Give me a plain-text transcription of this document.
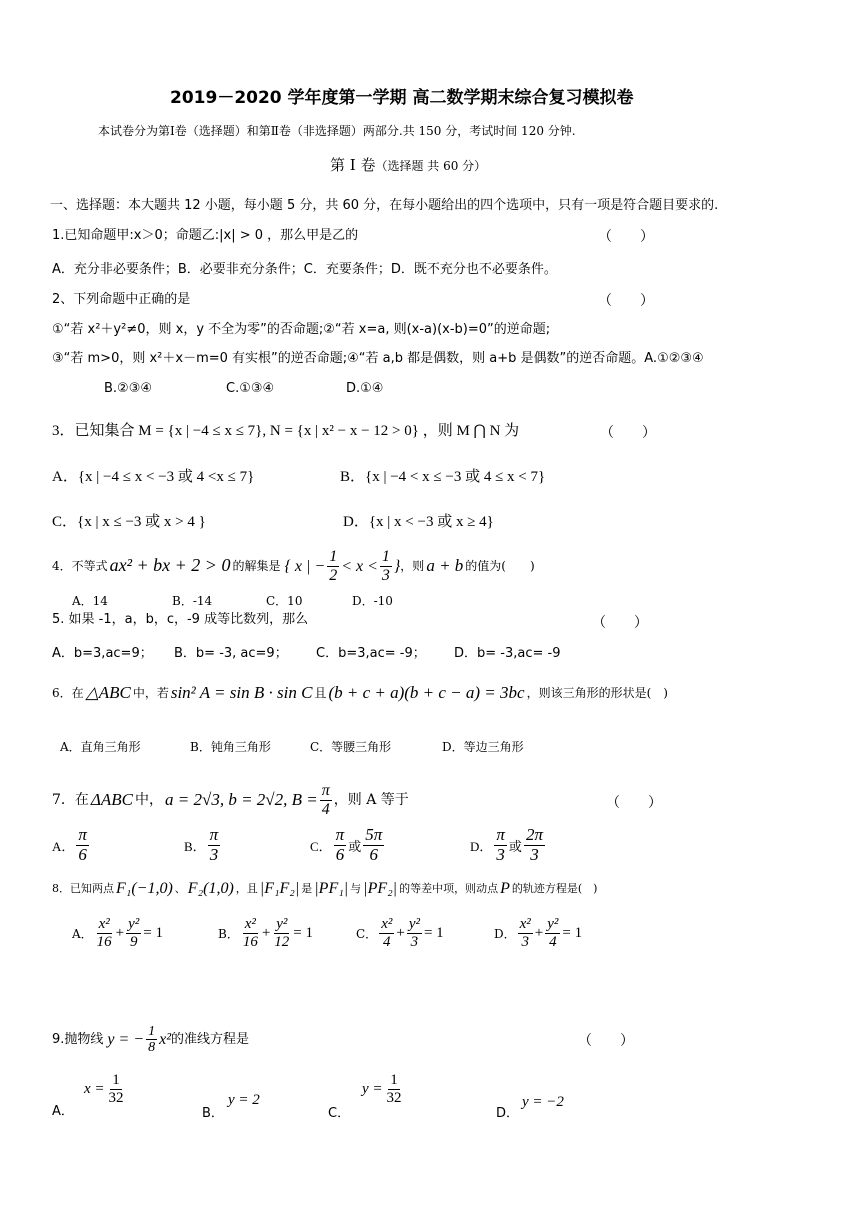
2019－2020 学年度第一学期 高二数学期末综合复习模拟卷
本试卷分为第Ⅰ卷（选择题）和第Ⅱ卷（非选择题）两部分.共 150 分，考试时间 120 分钟.
第 Ⅰ 卷（选择题 共 60 分）
一、选择题：本大题共 12 小题，每小题 5 分，共 60 分，在每小题给出的四个选项中，只有一项是符合题目要求的.
1.已知命题甲:x＞0；命题乙:|x| > 0 ，那么甲是乙的	（　　）
A．充分非必要条件；B．必要非充分条件；C．充要条件；D．既不充分也不必要条件。
2、下列命题中正确的是	（　　）
①“若 x²＋y²≠0，则 x，y 不全为零”的否命题;②“若 x=a, 则(x-a)(x-b)=0”的逆命题;
③“若 m>0，则 x²＋x－m=0 有实根”的逆否命题;④“若 a,b 都是偶数，则 a+b 是偶数”的逆否命题。A.①②③④
B.②③④	C.①③④	D.①④
3．已知集合 M = {x | −4 ≤ x ≤ 7}, N = {x | x² − x − 12 > 0} ，则 M ⋂ N 为	（　　）
A．{x | −4 ≤ x < −3 或 4 <x ≤ 7}	B．{x | −4 < x ≤ −3 或 4 ≤ x < 7}
C．{x | x ≤ −3 或 x > 4 }	D．{x | x < −3 或 x ≥ 4}
4．不等式 ax² + bx + 2 > 0 的解集是 { x | − $\frac{1}{2} < x < \frac{1}{3}$ } ，则 a + b 的值为(　　)
A．14	B．-14	C．10	D．-10
5. 如果 -1，a，b，c，-9 成等比数列，那么	（　　）
A．b=3,ac=9； B．b= -3, ac=9； C．b=3,ac= -9； D．b= -3,ac= -9
6．在 △ABC 中，若 sin² A = sin B · sin C 且 (b + c + a)(b + c − a) = 3bc ，则该三角形的形状是(　)
A．直角三角形	B．钝角三角形	C．等腰三角形	D．等边三角形
7．在 ΔABC 中， a = 2√3, b = 2√2, $B = \frac{\pi}{4}$ ，则 A 等于	（　　）
A． $\frac{\pi}{6}$	B． $\frac{\pi}{3}$	C． $\frac{\pi}{6}$ 或 $\frac{5\pi}{6}$	D． $\frac{\pi}{3}$ 或 $\frac{2\pi}{3}$
8．已知两点 F₁(−1,0) 、 F₂(1,0) ，且 |F₁F₂| 是 |PF₁| 与 |PF₂| 的等差中项，则动点 P 的轨迹方程是(　)
A． $\frac{\text{x²}}{16} + \frac{\text{y²}}{9} = 1$	B． $\frac{\text{x²}}{16} + \frac{\text{y²}}{12} = 1$	C． $\frac{\text{x²}}{4} + \frac{\text{y²}}{3} = 1$	D． $\frac{\text{x²}}{3} + \frac{\text{y²}}{4} = 1$
9.抛物线 y = − $\frac{1}{8} x^2$ 的准线方程是	（　　）
A．
$x = \frac{1}{32}$
B．
y = 2
C．
$y = \frac{1}{32}$
D．
y = −2
